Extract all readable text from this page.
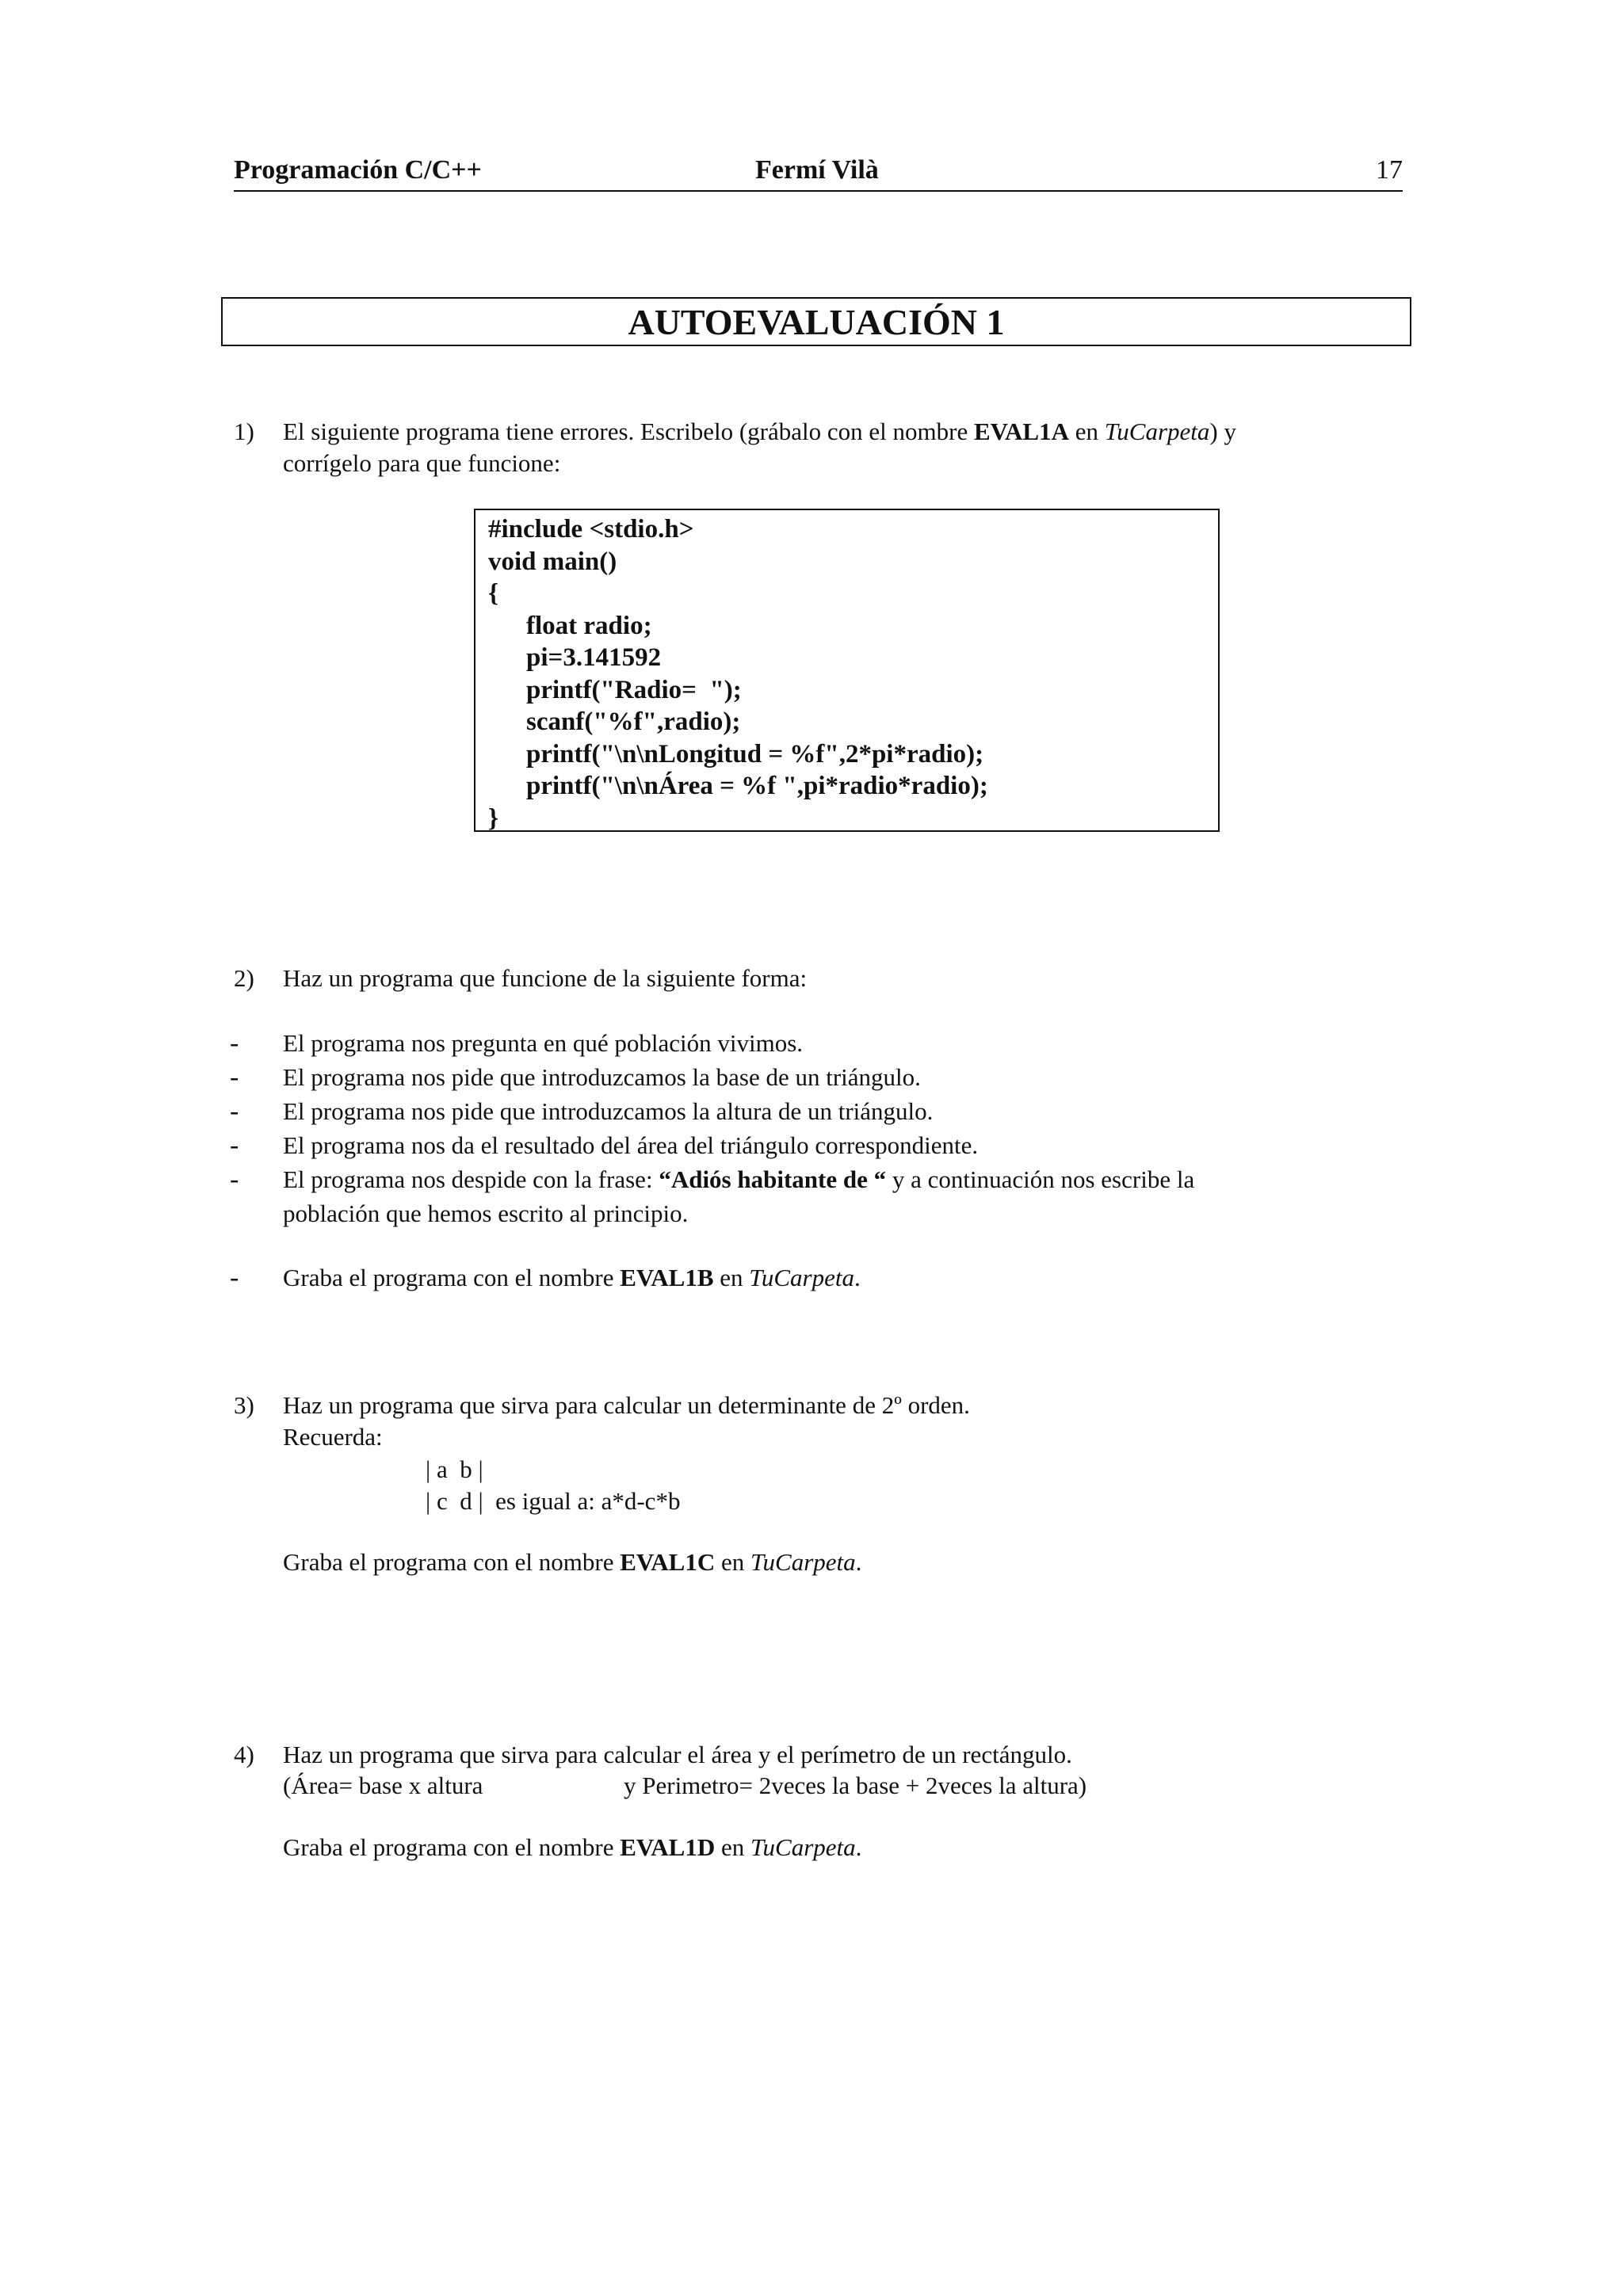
Programación C/C++	Fermí Vilà	17
AUTOEVALUACIÓN 1
1) El siguiente programa tiene errores. Escribelo (grábalo con el nombre EVAL1A en TuCarpeta) y
corrígelo para que funcione:
#include <stdio.h>
void main()
{
float radio;
pi=3.141592
printf("Radio=  ");
scanf("%f",radio);
printf("\n\nLongitud = %f",2*pi*radio);
printf("\n\nÁrea = %f ",pi*radio*radio);
}
2) Haz un programa que funcione de la siguiente forma:
- El programa nos pregunta en qué población vivimos.
- El programa nos pide que introduzcamos la base de un triángulo.
- El programa nos pide que introduzcamos la altura de un triángulo.
- El programa nos da el resultado del área del triángulo correspondiente.
- El programa nos despide con la frase: “Adiós habitante de “ y a continuación nos escribe la
población que hemos escrito al principio.
- Graba el programa con el nombre EVAL1B en TuCarpeta.
3) Haz un programa que sirva para calcular un determinante de 2º orden.
Recuerda:
| a  b |
| c  d |  es igual a: a*d-c*b
Graba el programa con el nombre EVAL1C en TuCarpeta.
4) Haz un programa que sirva para calcular el área y el perímetro de un rectángulo.
(Área= base x altura	y Perimetro= 2veces la base + 2veces la altura)
Graba el programa con el nombre EVAL1D en TuCarpeta.
